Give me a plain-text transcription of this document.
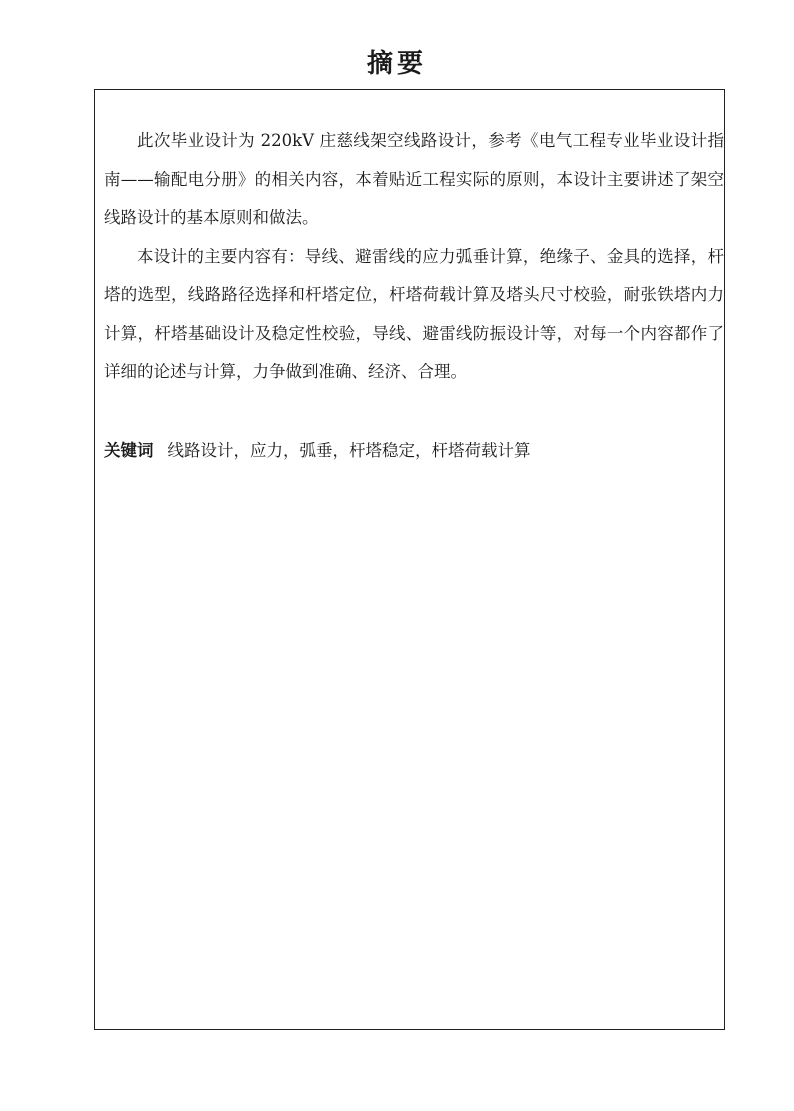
摘要

此次毕业设计为 220kV 庄慈线架空线路设计，参考《电气工程专业毕业设计指南——输配电分册》的相关内容，本着贴近工程实际的原则，本设计主要讲述了架空线路设计的基本原则和做法。

本设计的主要内容有：导线、避雷线的应力弧垂计算，绝缘子、金具的选择，杆塔的选型，线路路径选择和杆塔定位，杆塔荷载计算及塔头尺寸校验，耐张铁塔内力计算，杆塔基础设计及稳定性校验，导线、避雷线防振设计等，对每一个内容都作了详细的论述与计算，力争做到准确、经济、合理。

关键词 线路设计，应力，弧垂，杆塔稳定，杆塔荷载计算
